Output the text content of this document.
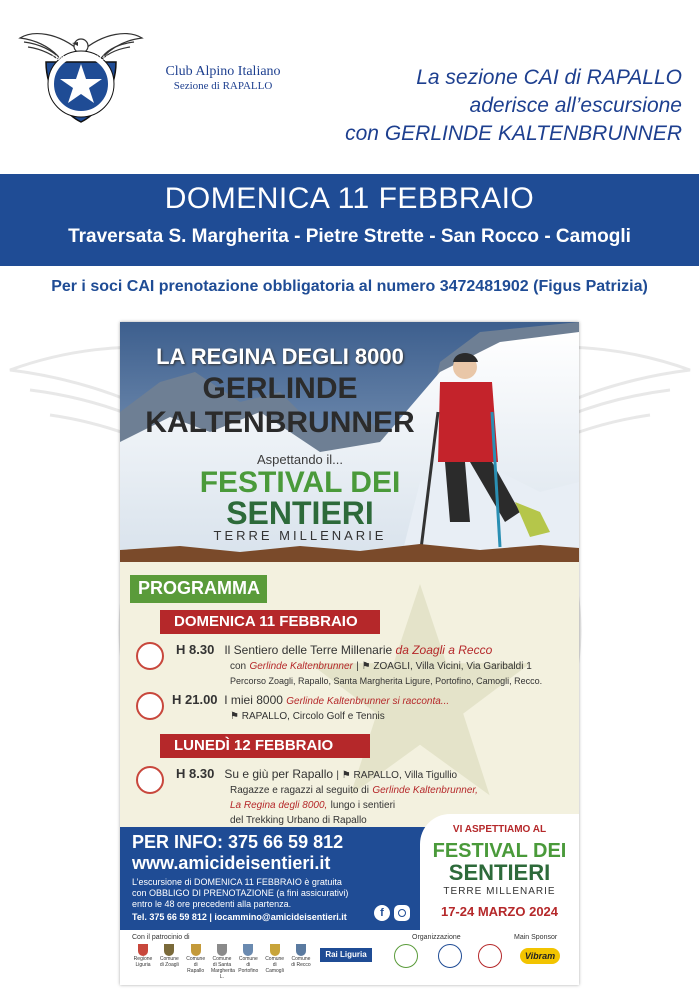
CLUB ALPINO ITALIANO
Club Alpino Italiano
Sezione di RAPALLO	La sezione CAI di RAPALLO
aderisce all’escursione
con GERLINDE KALTENBRUNNER
DOMENICA 11 FEBBRAIO
Traversata S. Margherita - Pietre Strette - San Rocco - Camogli
Per i soci CAI prenotazione obbligatoria al numero 3472481902 (Figus Patrizia)
LA REGINA DEGLI 8000
GERLINDE
KALTENBRUNNER
Aspettando il...
FESTIVAL DEI
SENTIERI
TERRE MILLENARIE
PROGRAMMA
DOMENICA 11 FEBBRAIO
H 8.30 Il Sentiero delle Terre Millenarie da Zoagli a Recco
con Gerlinde Kaltenbrunner | ⚑ ZOAGLI, Villa Vicini, Via Garibaldi 1
Percorso Zoagli, Rapallo, Santa Margherita Ligure, Portofino, Camogli, Recco.
H 21.00 I miei 8000 Gerlinde Kaltenbrunner si racconta...
⚑ RAPALLO, Circolo Golf e Tennis
LUNEDÌ 12 FEBBRAIO
H 8.30 Su e giù per Rapallo | ⚑ RAPALLO, Villa Tigullio
Ragazze e ragazzi al seguito di Gerlinde Kaltenbrunner,
La Regina degli 8000, lungo i sentieri
del Trekking Urbano di Rapallo
PER INFO: 375 66 59 812
www.amicideisentieri.it
L’escursione di DOMENICA 11 FEBBRAIO è gratuita
con OBBLIGO DI PRENOTAZIONE (a fini assicurativi)
entro le 48 ore precedenti alla partenza.
Tel. 375 66 59 812 | iocammino@amicideisentieri.it	f
VI ASPETTIAMO AL
FESTIVAL DEI
SENTIERI
TERRE MILLENARIE
17-24 MARZO 2024
Con il patrocinio di	Organizzazione	Main Sponsor
Regione Liguria
Comune di Zoagli
Comune di Rapallo
Comune di Santa Margherita L.
Comune di Portofino
Comune di Camogli
Comune di Recco
Rai Liguria	Vibram
